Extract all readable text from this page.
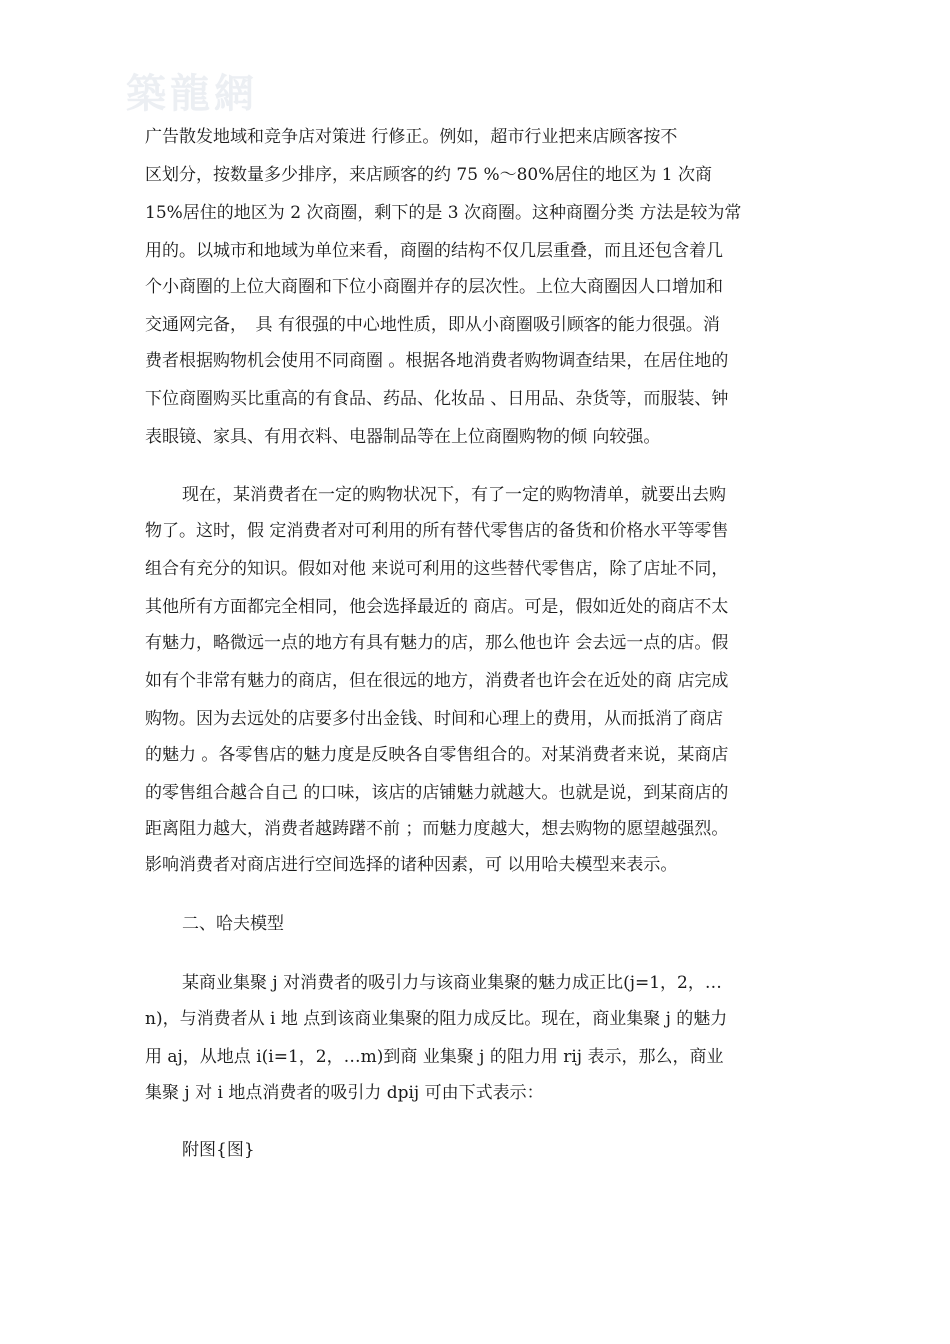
築龍網
广告散发地域和竞争店对策进 行修正。例如，超市行业把来店顾客按不
区划分，按数量多少排序，来店顾客的约 75 %～80%居住的地区为 1 次商
15%居住的地区为 2 次商圈，剩下的是 3 次商圈。这种商圈分类 方法是较为常
用的。以城市和地域为单位来看，商圈的结构不仅几层重叠，而且还包含着几
个小商圈的上位大商圈和下位小商圈并存的层次性。上位大商圈因人口增加和
交通网完备，　具 有很强的中心地性质，即从小商圈吸引顾客的能力很强。消
费者根据购物机会使用不同商圈 。根据各地消费者购物调查结果，在居住地的
下位商圈购买比重高的有食品、药品、化妆品 、日用品、杂货等，而服装、钟
表眼镜、家具、有用衣料、电器制品等在上位商圈购物的倾 向较强。
现在，某消费者在一定的购物状况下，有了一定的购物清单，就要出去购
物了。这时，假 定消费者对可利用的所有替代零售店的备货和价格水平等零售
组合有充分的知识。假如对他 来说可利用的这些替代零售店，除了店址不同，
其他所有方面都完全相同，他会选择最近的 商店。可是，假如近处的商店不太
有魅力，略微远一点的地方有具有魅力的店，那么他也许 会去远一点的店。假
如有个非常有魅力的商店，但在很远的地方，消费者也许会在近处的商 店完成
购物。因为去远处的店要多付出金钱、时间和心理上的费用，从而抵消了商店
的魅力 。各零售店的魅力度是反映各自零售组合的。对某消费者来说，某商店
的零售组合越合自己 的口味，该店的店铺魅力就越大。也就是说，到某商店的
距离阻力越大，消费者越踌躇不前 ；而魅力度越大，想去购物的愿望越强烈。
影响消费者对商店进行空间选择的诸种因素，可 以用哈夫模型来表示。
二、哈夫模型
某商业集聚 j 对消费者的吸引力与该商业集聚的魅力成正比(j=1，2，…
n)，与消费者从 i 地 点到该商业集聚的阻力成反比。现在，商业集聚 j 的魅力
用 aj，从地点 i(i=1，2，…m)到商 业集聚 j 的阻力用 rij 表示，那么，商业
集聚 j 对 i 地点消费者的吸引力 dpij 可由下式表示：
附图{图}
